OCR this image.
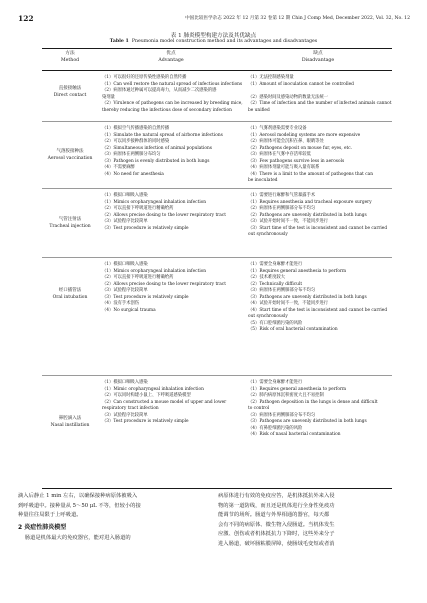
122	中国比较医学杂志 2022 年 12 月第 32 卷第 12 期 Chin J Comp Med, December 2022, Vol. 32, No. 12
表 1 肺炎模型构建方法及其优缺点
Table 1 Pneumonia model construction method and its advantages and disadvantages
方法
Method
优点
Advantage
缺点
Disadvantage
直接接触法
Direct contact
（1）可以很好的还原传染性感染的自然传播
（1）Can well restore the natural spread of infectious infections
（2）病原体通过种属可以提高毒力，从而减少二次感染的感
染剂量
（2）Virulence of pathogens can be increased by breeding mice,
thereby reducing the infectious dose of secondary infection
（1）无法控制感染剂量
（1）Amount of inoculation cannot be controlled

（2）感染时间及感染动物的数量无法统一
（2）Time of infection and the number of infected animals cannot
be unified
气溶胶接种法
Aerosol vaccination
（1）模拟空气传播感染的自然传播
（1）Simulate the natural spread of airborne infections
（2）可以同步接种群体的同时感染
（2）Simultaneous infection of animal populations
（3）病原体在两侧肺分布均匀
（3）Pathogen is evenly distributed in both lungs
（4）不需要麻醉
（4）No need for anesthesia
（1）气雾剂感染需要专业设备
（1）Aerosol modeling systems are more expensive
（2）病原体可能会沉积在鼻、眼睛等处
（2）Pathogens deposit on mouse fur, eyes, etc.
（3）病原体在气雾中存活率较低
（3）Few pathogens survive less in aerosols
（4）病原体剂量可能与吸入量有联系
（4）There is a limit to the amount of pathogens that can
be inoculated
气管注射法
Tracheal injection
（1）模拟口咽吸入感染
（1）Mimics oropharyngeal inhalation infection
（2）可以直接下呼吸道进行精确给药
（2）Allows precise dosing to the lower respiratory tract
（3）试验程序比较简单
（3）Test procedure is relatively simple
（1）需要进行麻醉和气管暴露手术
（1）Requires anesthesia and tracheal exposure surgery
（2）病原体在两侧肺部分布不均匀
（2）Pathogens are unevenly distributed in both lungs
（3）试验开始时间不一致，不能同步进行
（3）Start time of the test is inconsistent and cannot be carried
out synchronously
经口插管法
Oral intubation
（1）模拟口咽吸入感染
（1）Mimics oropharyngeal inhalation infection
（2）可以直接下呼吸道进行精确给药
（2）Allows precise dosing to the lower respiratory tract
（3）试验程序比较简单
（3）Test procedure is relatively simple
（4）没有手术创伤
（4）No surgical trauma
（1）需要全身麻醉才能进行
（1）Requires general anesthesia to perform
（2）技术难度较大
（2）Technically difficult
（3）病原体在两侧肺部分布不均匀
（3）Pathogens are unevenly distributed in both lungs
（4）试验开始时间不一致，不能同步进行
（4）Start time of the test is inconsistent and cannot be carried
out synchronously
（5）有口腔细菌污染的风险
（5）Risk of oral bacterial contamination
鼻腔滴入法
Nasal instillation
（1）模拟口咽吸入感染
（1）Mimic oropharyngeal inhalation infection
（2）可以同时构建小鼠上、下呼吸道感染模型
（2）Can constructed a mouse model of upper and lower
respiratory tract infection
（3）试验程序比较简单
（3）Test procedure is relatively simple
（1）需要全身麻醉才能进行
（1）Requires general anesthesia to perform
（2）肺内病原体沉积密度大且不易控制
（2）Pathogen deposition in the lungs is dense and difficult
to control
（3）病原体在两侧肺部分布不均匀
（3）Pathogens are unevenly distributed in both lungs
（4）有鼻腔细菌污染的风险
（4）Risk of nasal bacterial contamination
滴入后静止 1 min 左右，以确保接种病原体被吸入
到呼吸道中。接种量从 5～50 μL 不等，但较小的接
种量往往局限于上呼吸道。
2 炎症性肺炎模型
肠道是机体最大的免疫器官，能对进入肠道的
病原体进行有效的免疫应答，是机体抵抗外来入侵
物的第一道防线，而且还是机体进行全身性免疫功
能调节的场所。肠道与外界相通的器官，每天都
会有不同的病原体、微生物入侵肠道。当机体发生
应激、创伤或者机体抵抗力下降时，这些外来分子
进入肠道，破坏肠粘膜屏障，使肠绒毛变短或者消
